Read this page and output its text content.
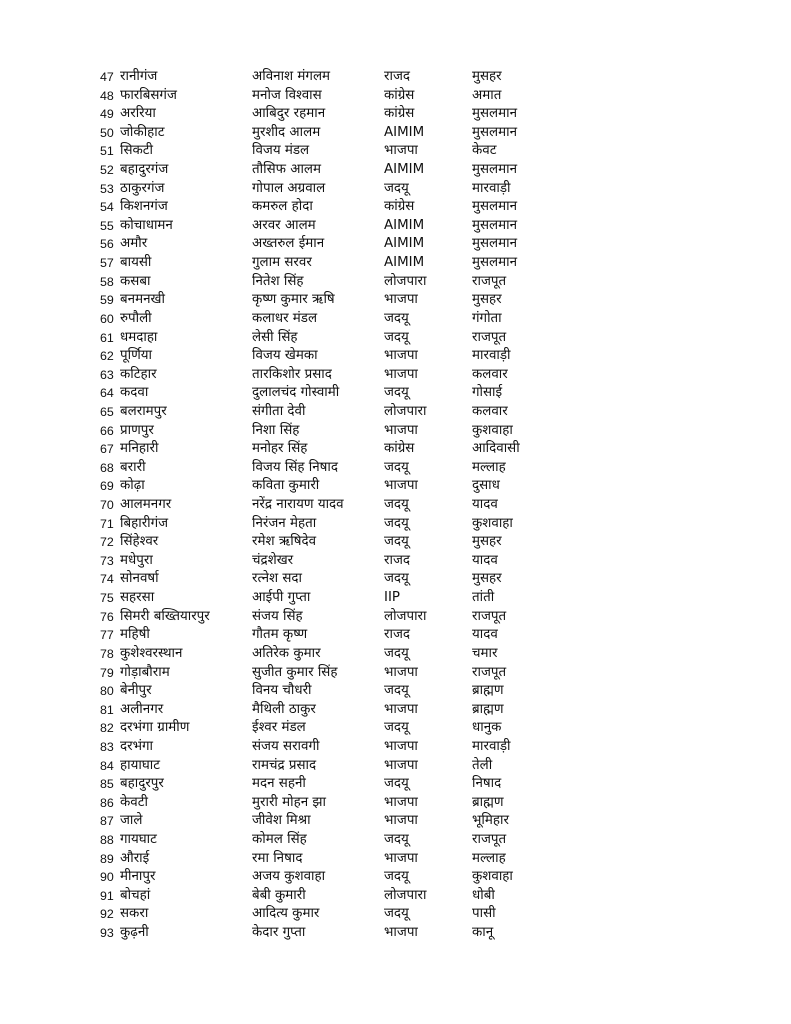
47 रानीगंज	अविनाश मंगलम	राजद	मुसहर
48 फारबिसगंज	मनोज विश्वास	कांग्रेस	अमात
49 अररिया	आबिदुर रहमान	कांग्रेस	मुसलमान
50 जोकीहाट	मुरशीद आलम	AIMIM	मुसलमान
51 सिकटी	विजय मंडल	भाजपा	केवट
52 बहादुरगंज	तौसिफ आलम	AIMIM	मुसलमान
53 ठाकुरगंज	गोपाल अग्रवाल	जदयू	मारवाड़ी
54 किशनगंज	कमरुल होदा	कांग्रेस	मुसलमान
55 कोचाधामन	अरवर आलम	AIMIM	मुसलमान
56 अमौर	अख्तरुल ईमान	AIMIM	मुसलमान
57 बायसी	गुलाम सरवर	AIMIM	मुसलमान
58 कसबा	नितेश सिंह	लोजपारा	राजपूत
59 बनमनखी	कृष्ण कुमार ऋषि	भाजपा	मुसहर
60 रुपौली	कलाधर मंडल	जदयू	गंगोता
61 धमदाहा	लेसी सिंह	जदयू	राजपूत
62 पूर्णिया	विजय खेमका	भाजपा	मारवाड़ी
63 कटिहार	तारकिशोर प्रसाद	भाजपा	कलवार
64 कदवा	दुलालचंद गोस्वामी	जदयू	गोसाई
65 बलरामपुर	संगीता देवी	लोजपारा	कलवार
66 प्राणपुर	निशा सिंह	भाजपा	कुशवाहा
67 मनिहारी	मनोहर सिंह	कांग्रेस	आदिवासी
68 बरारी	विजय सिंह निषाद	जदयू	मल्लाह
69 कोढ़ा	कविता कुमारी	भाजपा	दुसाध
70 आलमनगर	नरेंद्र नारायण यादव	जदयू	यादव
71 बिहारीगंज	निरंजन मेहता	जदयू	कुशवाहा
72 सिंहेश्वर	रमेश ऋषिदेव	जदयू	मुसहर
73 मधेपुरा	चंद्रशेखर	राजद	यादव
74 सोनवर्षा	रत्नेश सदा	जदयू	मुसहर
75 सहरसा	आईपी गुप्ता	IIP	तांती
76 सिमरी बख्तियारपुर	संजय सिंह	लोजपारा	राजपूत
77 महिषी	गौतम कृष्ण	राजद	यादव
78 कुशेश्वरस्थान	अतिरेक कुमार	जदयू	चमार
79 गोड़ाबौराम	सुजीत कुमार सिंह	भाजपा	राजपूत
80 बेनीपुर	विनय चौधरी	जदयू	ब्राह्मण
81 अलीनगर	मैथिली ठाकुर	भाजपा	ब्राह्मण
82 दरभंगा ग्रामीण	ईश्वर मंडल	जदयू	धानुक
83 दरभंगा	संजय सरावगी	भाजपा	मारवाड़ी
84 हायाघाट	रामचंद्र प्रसाद	भाजपा	तेली
85 बहादुरपुर	मदन सहनी	जदयू	निषाद
86 केवटी	मुरारी मोहन झा	भाजपा	ब्राह्मण
87 जाले	जीवेश मिश्रा	भाजपा	भूमिहार
88 गायघाट	कोमल सिंह	जदयू	राजपूत
89 औराई	रमा निषाद	भाजपा	मल्लाह
90 मीनापुर	अजय कुशवाहा	जदयू	कुशवाहा
91 बोचहां	बेबी कुमारी	लोजपारा	धोबी
92 सकरा	आदित्य कुमार	जदयू	पासी
93 कुढ़नी	केदार गुप्ता	भाजपा	कानू
